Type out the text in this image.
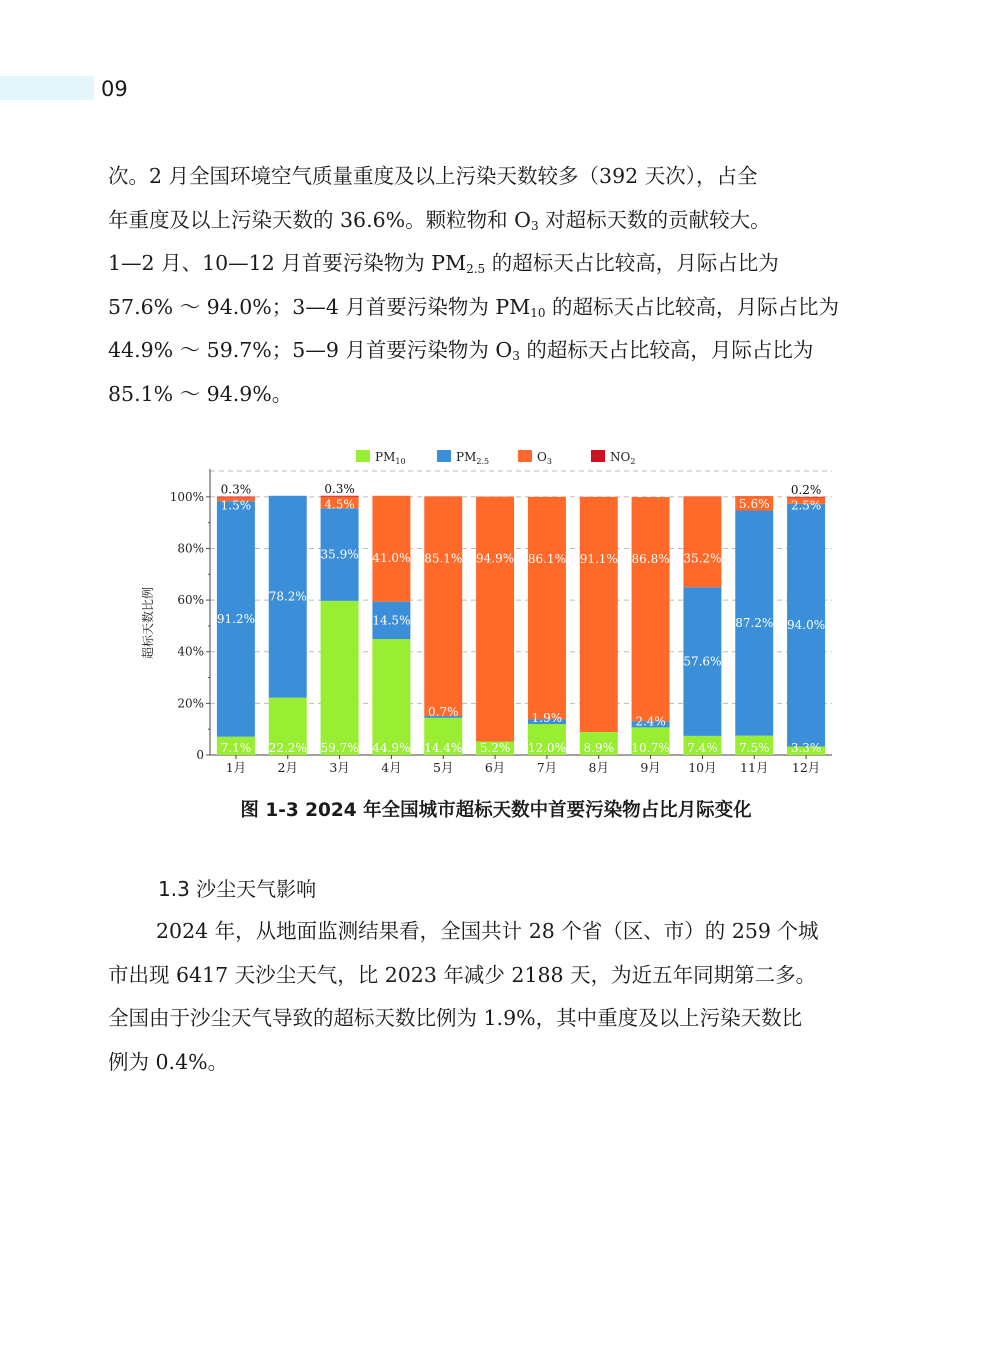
09

次。2 月全国环境空气质量重度及以上污染天数较多（392 天次），占全

年重度及以上污染天数的 36.6%。颗粒物和 $O_3$ 对超标天数的贡献较大。

1—2 月、10—12 月首要污染物为 $PM_{2.5}$ 的超标天占比较高，月际占比为

57.6% ～ 94.0%；3—4 月首要污染物为 $PM_{10}$ 的超标天占比较高，月际占比为

44.9% ～ 59.7%；5—9 月首要污染物为 $O_3$ 的超标天占比较高，月际占比为

85.1% ～ 94.9%。

$PM_{10}$	$PM_{2.5}$	$O_3$	$NO_2$
0
20%
40%
60%
80%
100%
超标天数比例
1月	2月	3月	4月	5月	6月	7月	8月	9月 10月 11月 12月
7.1%
91.2%
1.5%
0.3%
22.2%
78.2%
59.7%
35.9%
4.5%
0.3%
44.9%
14.5%
41.0%
14.4%
0.7%
85.1%
5.2%
94.9%
12.0%
1.9%
86.1%
8.9%
91.1%
10.7%
2.4%
86.8%
7.4%
57.6%
35.2%
7.5%
87.2%
5.6%
3.3%
94.0%
2.5%
0.2%
图 1-3 2024 年全国城市超标天数中首要污染物占比月际变化
1.3 沙尘天气影响

2024 年，从地面监测结果看，全国共计 28 个省（区、市）的 259 个城

市出现 6417 天沙尘天气，比 2023 年减少 2188 天，为近五年同期第二多。

全国由于沙尘天气导致的超标天数比例为 1.9%，其中重度及以上污染天数比

例为 0.4%。
